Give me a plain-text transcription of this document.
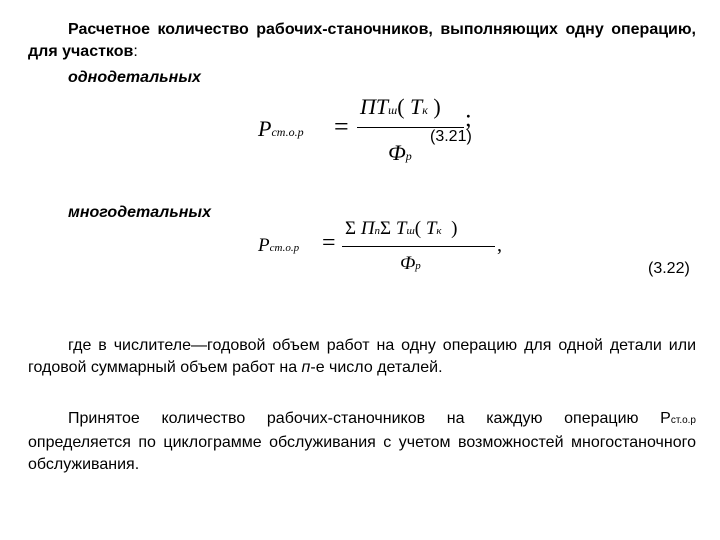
Расчетное количество рабочих-станочников, выполняющих одну операцию, для участков:
однодетальных
Pст.о.р =
ПТш( Tк )
Фр
;
(3.21)
многодетальных
Pст.о.р =
Σ ПпΣ Tш( Tк )
Фр
,
(3.22)
где в числителе—годовой объем работ на одну операцию для одной детали или годовой суммарный объем работ на п-е число деталей.
Принятое количество рабочих-станочников на каждую операцию Рст.о.р определяется по циклограмме обслуживания с учетом возможностей многостаночного обслуживания.
